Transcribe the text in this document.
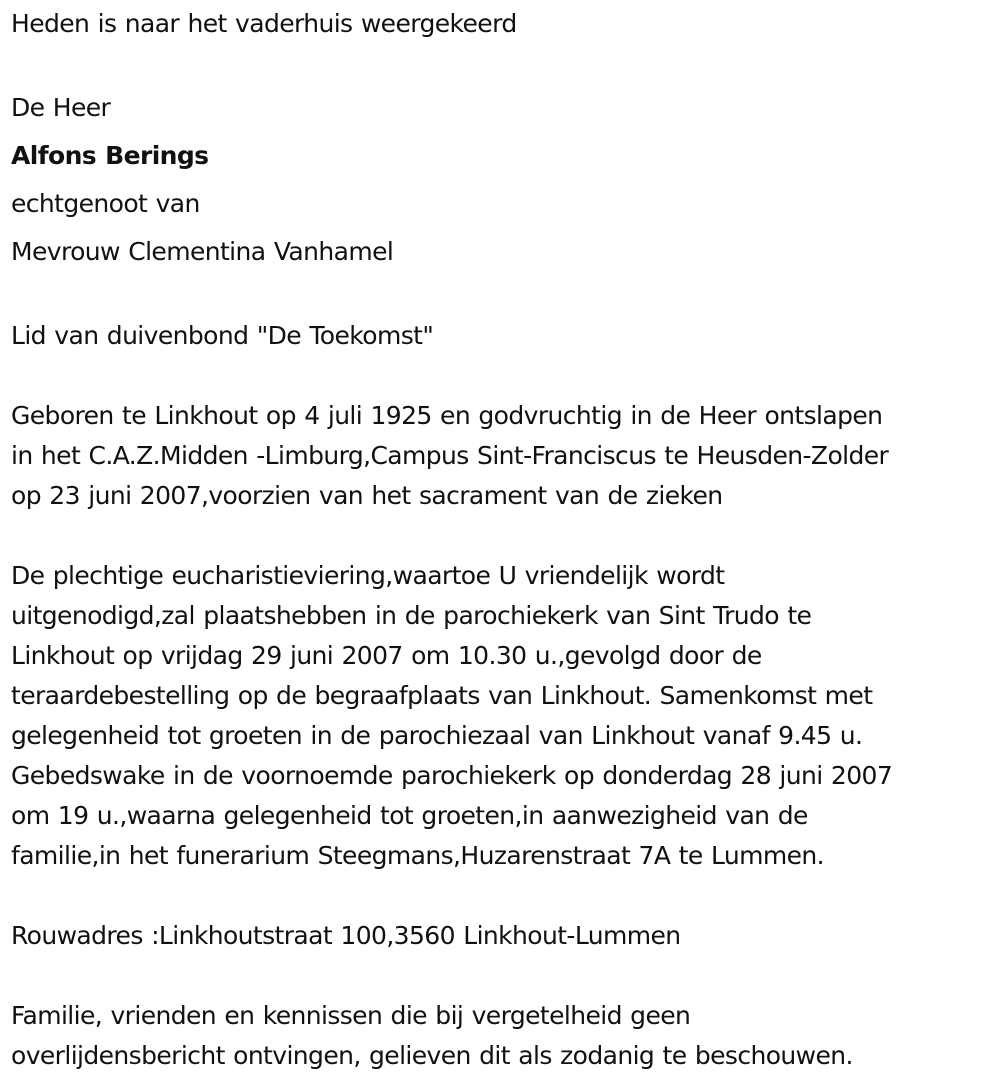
Heden is naar het vaderhuis weergekeerd
De Heer
Alfons Berings
echtgenoot van
Mevrouw Clementina Vanhamel
Lid van duivenbond "De Toekomst"
Geboren te Linkhout op 4 juli 1925 en godvruchtig in de Heer ontslapen
in het C.A.Z.Midden -Limburg,Campus Sint-Franciscus te Heusden-Zolder
op 23 juni 2007,voorzien van het sacrament van de zieken
De plechtige eucharistieviering,waartoe U vriendelijk wordt
uitgenodigd,zal plaatshebben in de parochiekerk van Sint Trudo te
Linkhout op vrijdag 29 juni 2007 om 10.30 u.,gevolgd door de
teraardebestelling op de begraafplaats van Linkhout. Samenkomst met
gelegenheid tot groeten in de parochiezaal van Linkhout vanaf 9.45 u.
Gebedswake in de voornoemde parochiekerk op donderdag 28 juni 2007
om 19 u.,waarna gelegenheid tot groeten,in aanwezigheid van de
familie,in het funerarium Steegmans,Huzarenstraat 7A te Lummen.
Rouwadres :Linkhoutstraat 100,3560 Linkhout-Lummen
Familie, vrienden en kennissen die bij vergetelheid geen
overlijdensbericht ontvingen, gelieven dit als zodanig te beschouwen.
